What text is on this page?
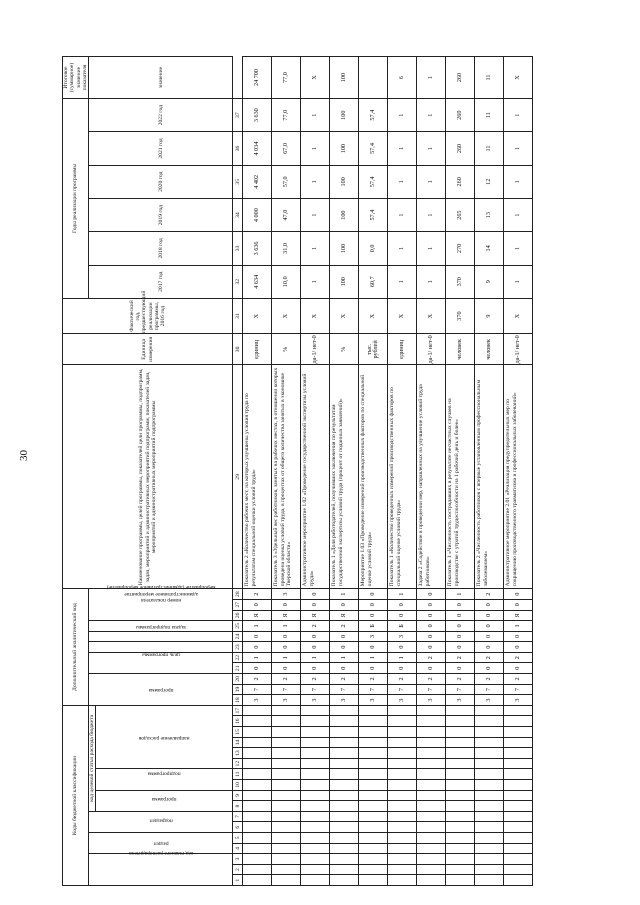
30
Коды бюджетной классификации																	Дополнительный аналитический код											Наименование программы, целей программы, показателей цели программы, подпрограмм, задач, мероприятий и административных мероприятий подпрограмм, показателей задач, мероприятий и административных мероприятий подпрограммы	Единица измерения	Фактический год, предшествующий реализации программы, 2016 год	Годы реализации программы						Итоговое (суммарное) значение показателя
код главного распорядителя			раздел		подраздел		код целевой статьи расхода бюджета										программа			цель программы		задача подпрограммы	мероприятие (административное мероприятие)	административное мероприятие	номер показателя						2017 год	2018 год	2019 год	2020 год	2021 год	2022 год	значение
							программа		подпрограмма		направление расходов																										
1	2	3	4	5	6	7	8	9	10	11	12	13	14	15	16	17	18	19	20	21	22	23	24	25	26	27	28	29	30	31	32	33	34	35	36	37	
																	3	7	2	0	1	0	0	1	Я	0	2	Показатель 2 «Количество рабочих мест, на которых улучшены условия труда по результатам специальной оценки условий труда»	единиц	Х	4 634	3 636	4 000	4 402	4 034	3 630	24 700
																	3	7	2	0	1	0	0	1	Я	0	3	Показатель 3 «Удельный вес работников, занятых на рабочих местах, в отношении которых проведена оценка условий труда, в процентах от общего количества занятых в экономике Тверской области»	%	Х	10,0	31,0	47,0	57,0	67,0	77,0	77,0
																	3	7	2	0	1	0	0	2	Я	0	0	Административное мероприятие 1.02 «Проведение государственной экспертизы условий труда»	да-1/ нет-0	Х	1	1	1	1	1	1	Х
																	3	7	2	0	1	0	0	2	Я	0	1	Показатель 1 «Доля работодателей, получивших заключения по результатам государственной экспертизы условий труда (процент от поданных заявлений)»	%	Х	100	100	100	100	100	100	100
																	3	7	2	0	1	0	3	Б	0	0	0	Мероприятие 1.03 «Проведение измерений производственных факторов по специальной оценке условий труда»	тыс. рублей	Х	60,7	0,0	57,4	57,4	57,4	57,4	
																	3	7	2	0	1	0	3	Б	0	0	1	Показатель 1 «Количество проведенных измерений производственных факторов по специальной оценке условий труда»	единиц	Х	1	1	1	1	1	1	6
																	3	7	2	0	2	0	0	0	0	0	0	Задача 2 «Содействие в проведении мер, направленных на улучшение условий труда работников»	да-1/ нет-0	Х	1	1	1	1	1	1	1
																	3	7	2	0	2	0	0	0	0	0	1	Показатель 1 «Численность пострадавших в результате несчастных случаев на производстве с утратой трудоспособности на 1 рабочий день и более»	человек	370	370	270	265	260	260	260	260
																	3	7	2	0	2	0	0	0	0	0	2	Показатель 2 «Численность работников с впервые установленным профессиональным заболеванием»	человек	9	9	14	13	12	11	11	11
																	3	7	2	0	2	0	0	1	Я	0	0	Административное мероприятие 2.01 «Реализация предупредительных мер по сокращению производственного травматизма и профессиональных заболеваний»	да-1/ нет-0	Х	1	1	1	1	1	1	Х
